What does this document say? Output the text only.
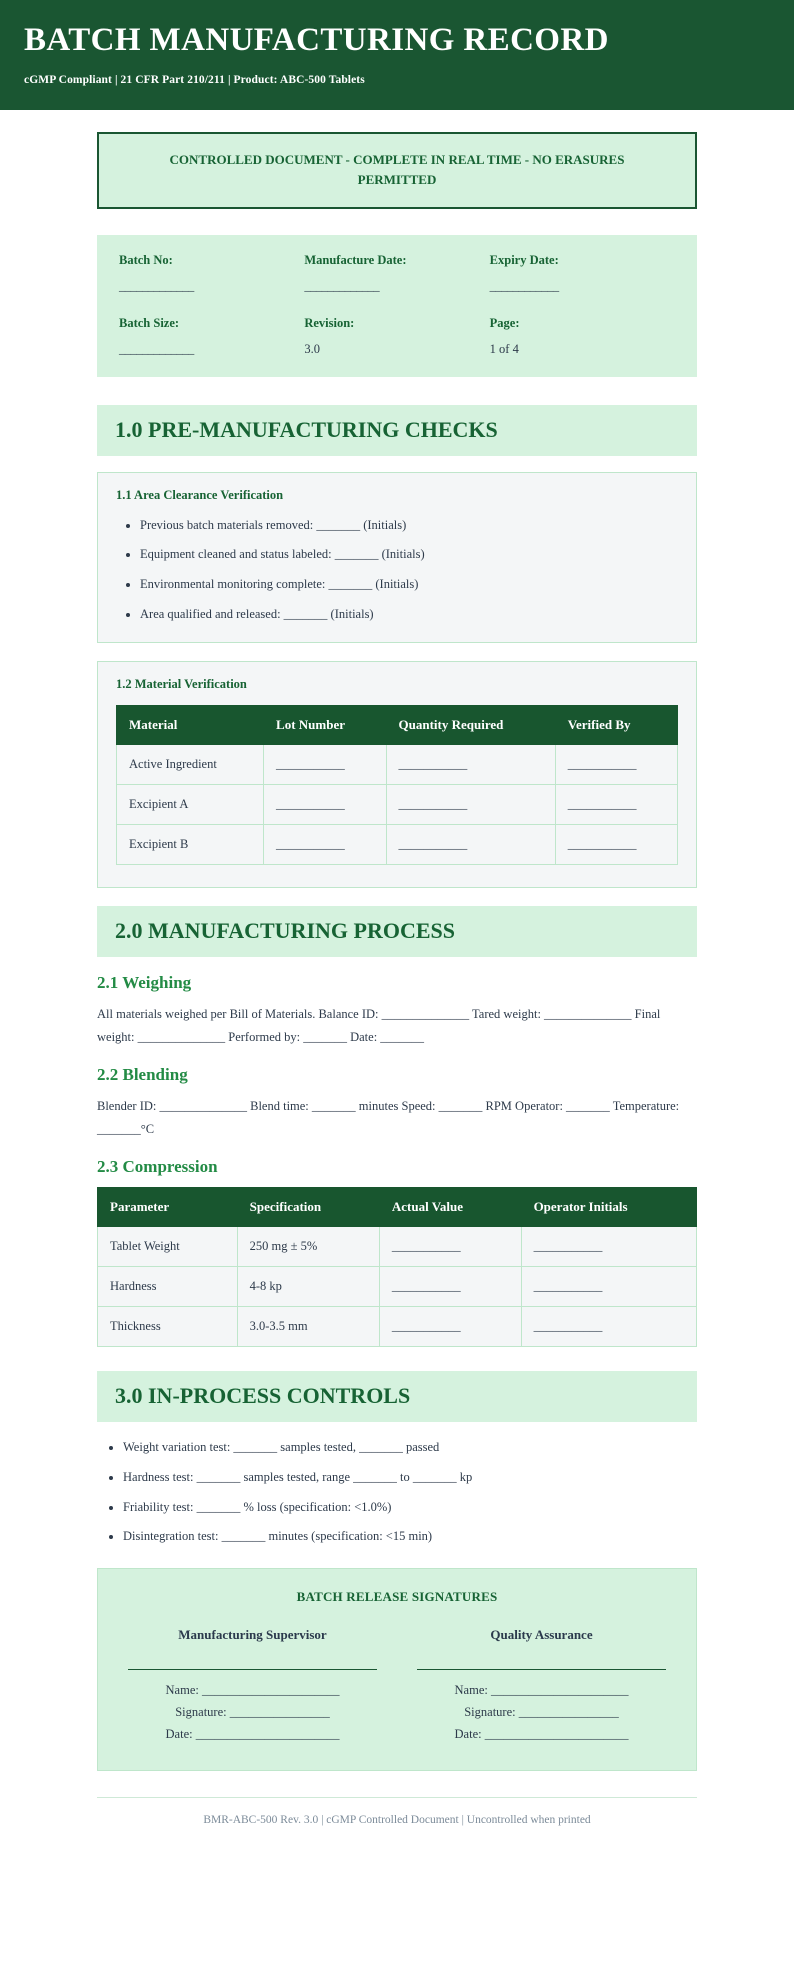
BATCH MANUFACTURING RECORD

cGMP Compliant | 21 CFR Part 210/211 | Product: ABC-500 Tablets

CONTROLLED DOCUMENT - COMPLETE IN REAL TIME - NO ERASURES PERMITTED
Batch No:
_____________
Manufacture Date:
_____________
Expiry Date:
____________
Batch Size:
_____________
Revision:
3.0
Page:
1 of 4
1.0 PRE-MANUFACTURING CHECKS
1.1 Area Clearance Verification
• Previous batch materials removed: _______ (Initials)
• Equipment cleaned and status labeled: _______ (Initials)
• Environmental monitoring complete: _______ (Initials)
• Area qualified and released: _______ (Initials)
1.2 Material Verification
Material	Lot Number	Quantity Required	Verified By
Active Ingredient	___________	___________	___________
Excipient A	___________	___________	___________
Excipient B	___________	___________	___________
2.0 MANUFACTURING PROCESS
2.1 Weighing

All materials weighed per Bill of Materials. Balance ID: ______________ Tared weight: ______________ Final weight: ______________ Performed by: _______ Date: _______

2.2 Blending

Blender ID: ______________ Blend time: _______ minutes Speed: _______ RPM Operator: _______ Temperature: _______°C

2.3 Compression
Parameter	Specification	Actual Value	Operator Initials
Tablet Weight	250 mg ± 5%	___________	___________
Hardness	4-8 kp	___________	___________
Thickness	3.0-3.5 mm	___________	___________
3.0 IN-PROCESS CONTROLS
• Weight variation test: _______ samples tested, _______ passed
• Hardness test: _______ samples tested, range _______ to _______ kp
• Friability test: _______ % loss (specification: <1.0%)
• Disintegration test: _______ minutes (specification: <15 min)
BATCH RELEASE SIGNATURES
Manufacturing Supervisor
Name: ______________________
Signature: ________________
Date: _______________________
Quality Assurance
Name: ______________________
Signature: ________________
Date: _______________________
BMR-ABC-500 Rev. 3.0 | cGMP Controlled Document | Uncontrolled when printed
